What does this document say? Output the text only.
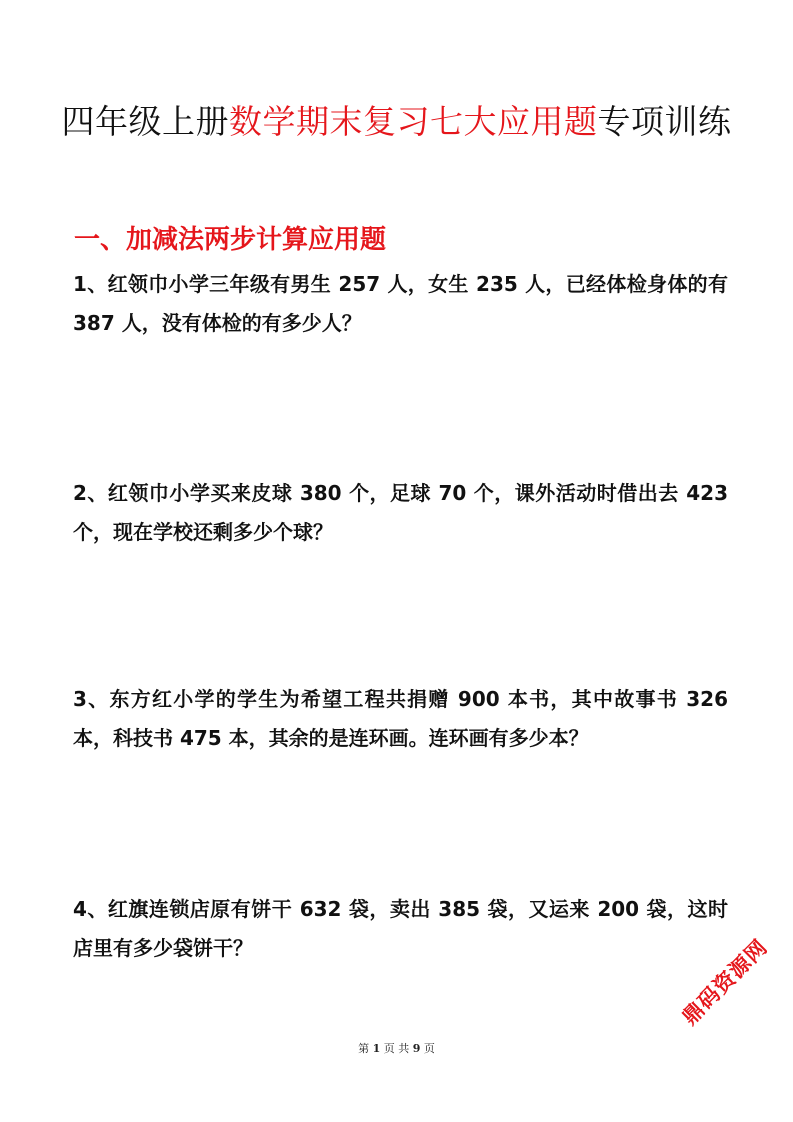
四年级上册数学期末复习七大应用题专项训练
一、加减法两步计算应用题
1、红领巾小学三年级有男生 257 人，女生 235 人，已经体检身体的有 387 人，没有体检的有多少人？
2、红领巾小学买来皮球 380 个，足球 70 个，课外活动时借出去 423 个，现在学校还剩多少个球？
3、东方红小学的学生为希望工程共捐赠 900 本书，其中故事书 326 本，科技书 475 本，其余的是连环画。连环画有多少本？
4、红旗连锁店原有饼干 632 袋，卖出 385 袋，又运来 200 袋，这时店里有多少袋饼干？
第 1 页 共 9 页
鼎码资源网
